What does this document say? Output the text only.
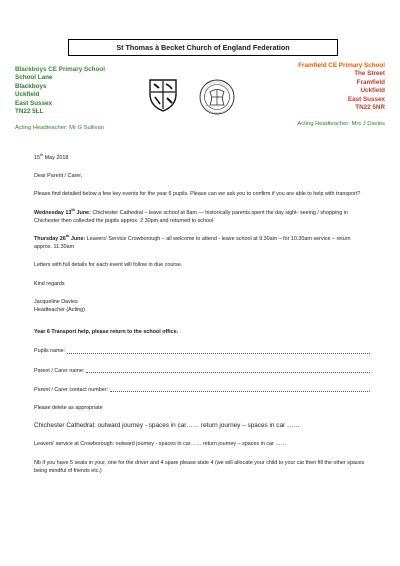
St Thomas à Becket Church of England Federation
Blackboys CE Primary School
School Lane
Blackboys
Uckfield
East Sussex
TN22 5LL
Acting Headteacher: Mr G Sullivan
Framfield CE Primary School
The Street
Framfield
Uckfield
East Sussex
TN22 5NR
Acting Headteacher: Mrs J Davies

15th May 2018

Dear Parent / Carer,

Please find detailed below a few key events for the year 6 pupils. Please can we ask you to confirm if you are able to help with transport?

Wednesday 13th June: Chichester Cathedral – leave school at 8am — historically parents spent the day sight- seeing / shopping in Chichester then collected the pupils approx. 2.30pm and returned to school

Thursday 26th June: Leavers' Service Crowborough – all welcome to attend - leave school at 9.30am – for 10.30am service – return approx. 11.30am

Letters with full details for each event will follow in due course.

Kind regards

Jacqueline Davies

Headteacher (Acting)

Year 6 Transport help, please return to the school office.

Pupils name:
Parent / Carer name:
Parent / Carer contact number:

Please delete as appropriate

Chichester Cathedral: outward journey - spaces in car…… return journey – spaces in car ……

Leavers' service at Crowborough: outward journey - spaces in car…… return journey – spaces in car ……

Nb if you have 5 seats in your, one for the driver and 4 spare please state 4 (we will allocate your child to your car then fill the other spaces being mindful of friends etc.)
